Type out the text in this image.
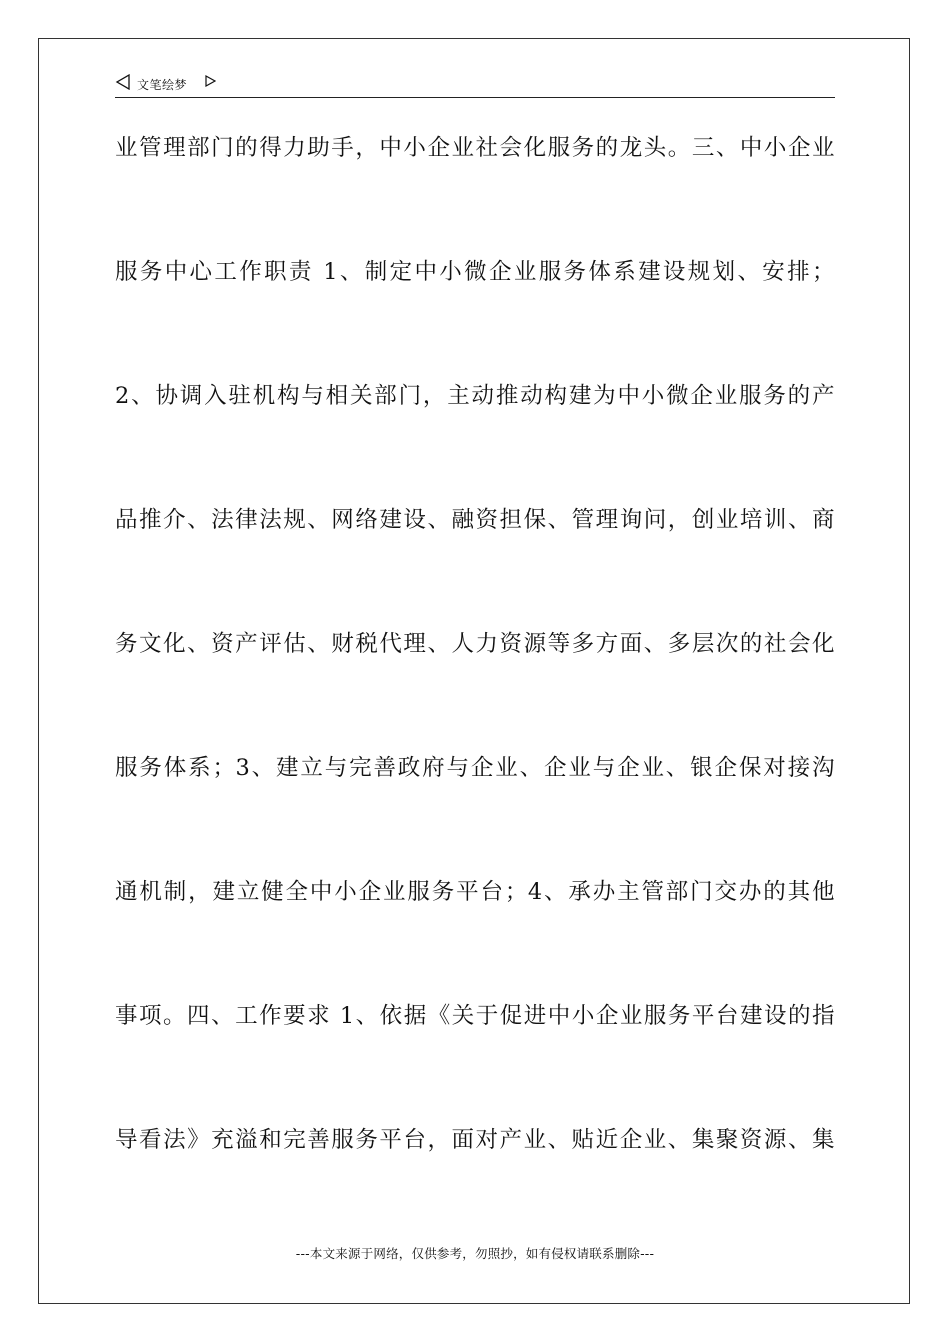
文笔绘梦
业管理部门的得力助手，中小企业社会化服务的龙头。三、中小企业
服务中心工作职责 1、制定中小微企业服务体系建设规划、安排；
2、协调入驻机构与相关部门，主动推动构建为中小微企业服务的产
品推介、法律法规、网络建设、融资担保、管理询问，创业培训、商
务文化、资产评估、财税代理、人力资源等多方面、多层次的社会化
服务体系；3、建立与完善政府与企业、企业与企业、银企保对接沟
通机制，建立健全中小企业服务平台；4、承办主管部门交办的其他
事项。四、工作要求 1、依据《关于促进中小企业服务平台建设的指
导看法》充溢和完善服务平台，面对产业、贴近企业、集聚资源、集
---本文来源于网络，仅供参考，勿照抄，如有侵权请联系删除---
